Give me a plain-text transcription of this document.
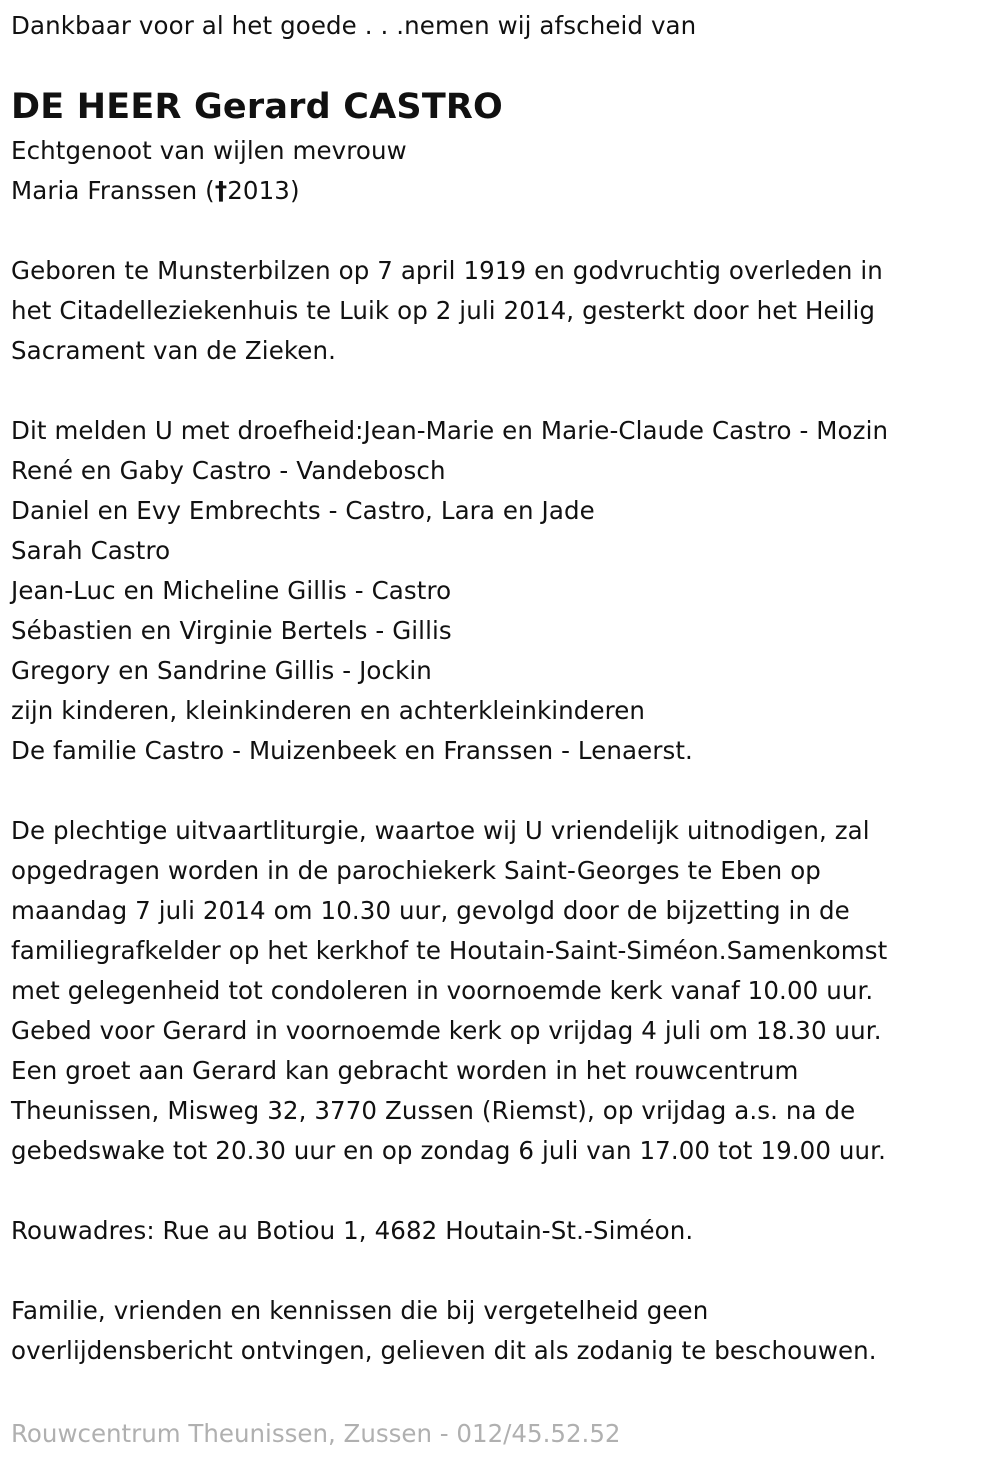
Dankbaar voor al het goede . . .nemen wij afscheid van
DE HEER Gerard CASTRO
Echtgenoot van wijlen mevrouw
Maria Franssen (†2013)
Geboren te Munsterbilzen op 7 april 1919 en godvruchtig overleden in
het Citadelleziekenhuis te Luik op 2 juli 2014, gesterkt door het Heilig
Sacrament van de Zieken.
Dit melden U met droefheid:Jean-Marie en Marie-Claude Castro - Mozin
René en Gaby Castro - Vandebosch
Daniel en Evy Embrechts - Castro, Lara en Jade
Sarah Castro
Jean-Luc en Micheline Gillis - Castro
Sébastien en Virginie Bertels - Gillis
Gregory en Sandrine Gillis - Jockin
zijn kinderen, kleinkinderen en achterkleinkinderen
De familie Castro - Muizenbeek en Franssen - Lenaerst.
De plechtige uitvaartliturgie, waartoe wij U vriendelijk uitnodigen, zal
opgedragen worden in de parochiekerk Saint-Georges te Eben op
maandag 7 juli 2014 om 10.30 uur, gevolgd door de bijzetting in de
familiegrafkelder op het kerkhof te Houtain-Saint-Siméon.Samenkomst
met gelegenheid tot condoleren in voornoemde kerk vanaf 10.00 uur.
Gebed voor Gerard in voornoemde kerk op vrijdag 4 juli om 18.30 uur.
Een groet aan Gerard kan gebracht worden in het rouwcentrum
Theunissen, Misweg 32, 3770 Zussen (Riemst), op vrijdag a.s. na de
gebedswake tot 20.30 uur en op zondag 6 juli van 17.00 tot 19.00 uur.
Rouwadres: Rue au Botiou 1, 4682 Houtain-St.-Siméon.
Familie, vrienden en kennissen die bij vergetelheid geen
overlijdensbericht ontvingen, gelieven dit als zodanig te beschouwen.
Rouwcentrum Theunissen, Zussen - 012/45.52.52
